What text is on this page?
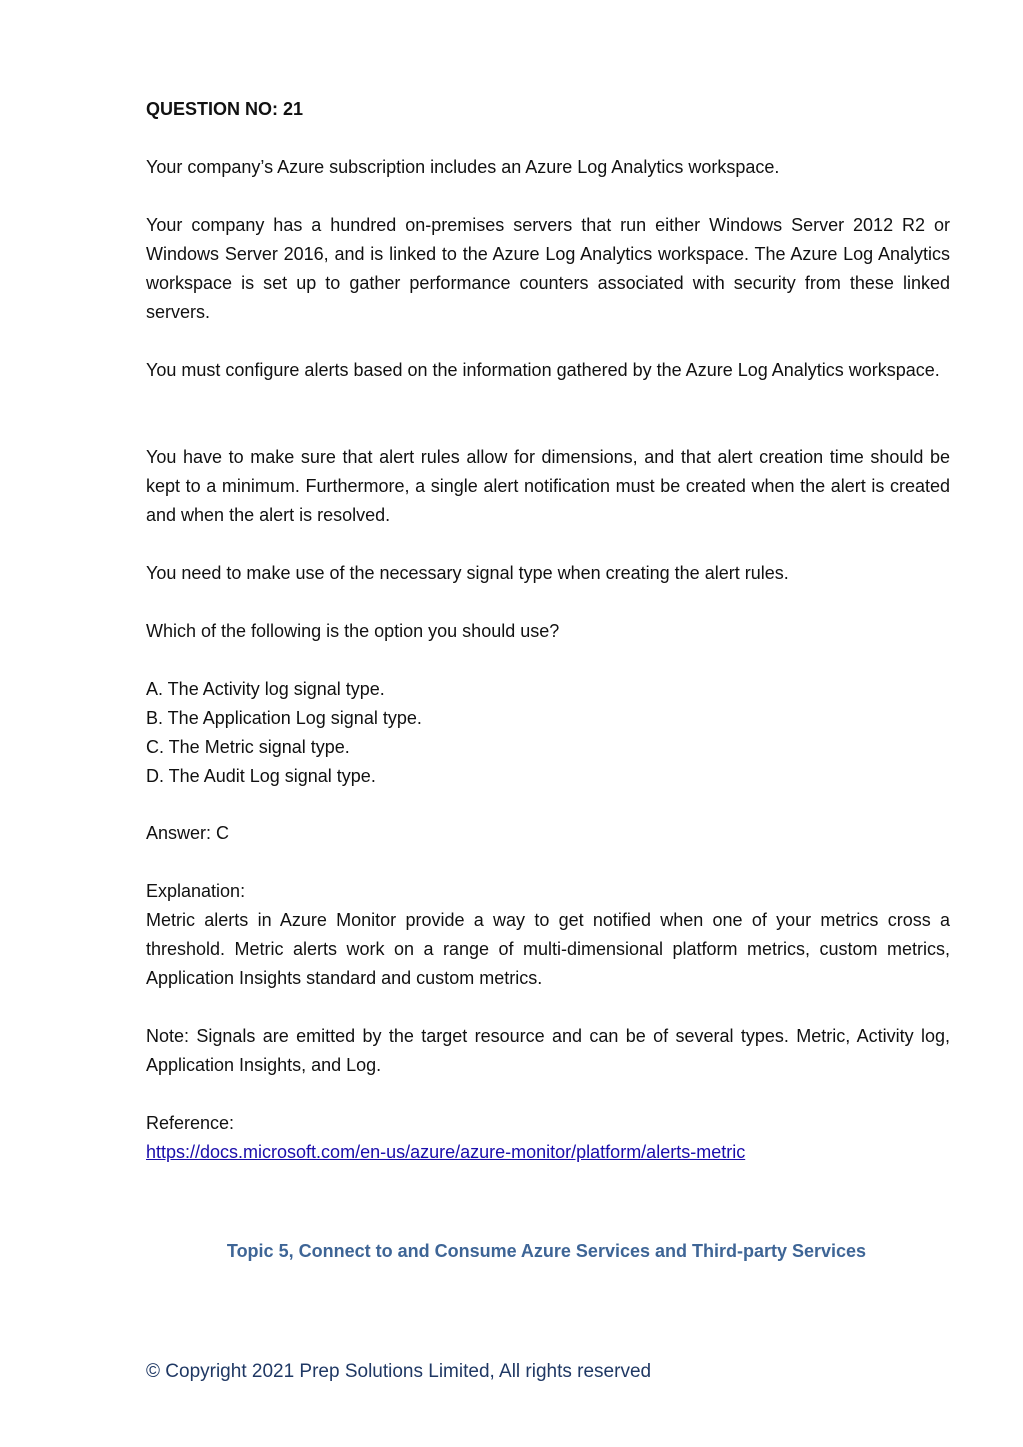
QUESTION NO: 21

Your company’s Azure subscription includes an Azure Log Analytics workspace.

Your company has a hundred on-premises servers that run either Windows Server 2012 R2 or Windows Server 2016, and is linked to the Azure Log Analytics workspace. The Azure Log Analytics workspace is set up to gather performance counters associated with security from these linked servers.

You must configure alerts based on the information gathered by the Azure Log Analytics workspace.

You have to make sure that alert rules allow for dimensions, and that alert creation time should be kept to a minimum. Furthermore, a single alert notification must be created when the alert is created and when the alert is resolved.

You need to make use of the necessary signal type when creating the alert rules.

Which of the following is the option you should use?

A. The Activity log signal type.
B. The Application Log signal type.
C. The Metric signal type.
D. The Audit Log signal type.

Answer: C

Explanation:

Metric alerts in Azure Monitor provide a way to get notified when one of your metrics cross a threshold. Metric alerts work on a range of multi-dimensional platform metrics, custom metrics, Application Insights standard and custom metrics.

Note: Signals are emitted by the target resource and can be of several types. Metric, Activity log, Application Insights, and Log.

Reference:

https://docs.microsoft.com/en-us/azure/azure-monitor/platform/alerts-metric

Topic 5, Connect to and Consume Azure Services and Third-party Services
© Copyright 2021 Prep Solutions Limited, All rights reserved
